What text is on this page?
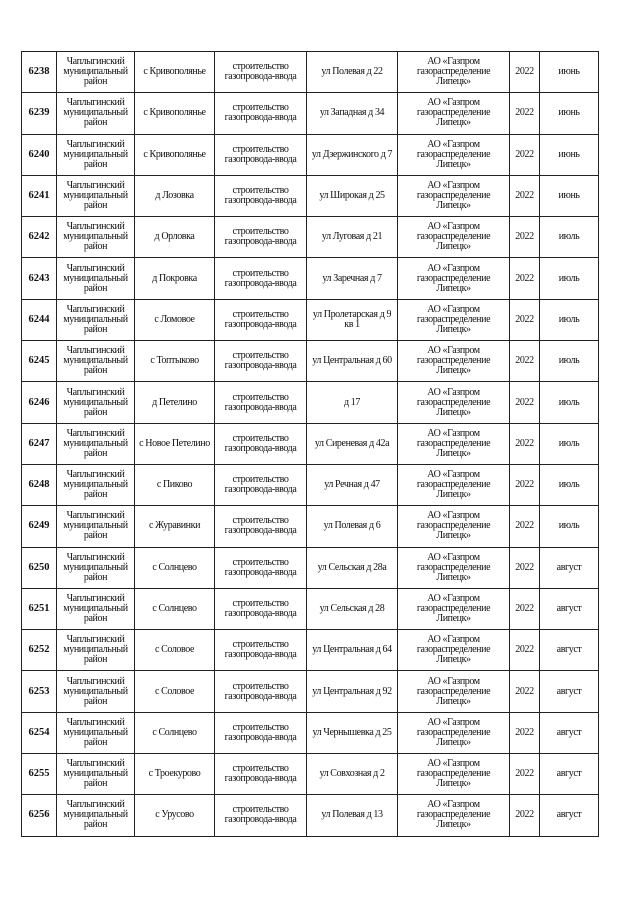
6238	Чаплыгинский муниципальный район	с Кривополянье	строительство газопровода-ввода	ул Полевая д 22	АО «Газпром газораспределение Липецк»	2022	июнь
6239	Чаплыгинский муниципальный район	с Кривополянье	строительство газопровода-ввода	ул Западная д 34	АО «Газпром газораспределение Липецк»	2022	июнь
6240	Чаплыгинский муниципальный район	с Кривополянье	строительство газопровода-ввода	ул Дзержинского д 7	АО «Газпром газораспределение Липецк»	2022	июнь
6241	Чаплыгинский муниципальный район	д Лозовка	строительство газопровода-ввода	ул Широкая д 25	АО «Газпром газораспределение Липецк»	2022	июнь
6242	Чаплыгинский муниципальный район	д Орловка	строительство газопровода-ввода	ул Луговая д 21	АО «Газпром газораспределение Липецк»	2022	июль
6243	Чаплыгинский муниципальный район	д Покровка	строительство газопровода-ввода	ул Заречная д 7	АО «Газпром газораспределение Липецк»	2022	июль
6244	Чаплыгинский муниципальный район	с Ломовое	строительство газопровода-ввода	ул Пролетарская д 9 кв 1	АО «Газпром газораспределение Липецк»	2022	июль
6245	Чаплыгинский муниципальный район	с Топтыково	строительство газопровода-ввода	ул Центральная д 60	АО «Газпром газораспределение Липецк»	2022	июль
6246	Чаплыгинский муниципальный район	д Петелино	строительство газопровода-ввода	д 17	АО «Газпром газораспределение Липецк»	2022	июль
6247	Чаплыгинский муниципальный район	с Новое Петелино	строительство газопровода-ввода	ул Сиреневая д 42а	АО «Газпром газораспределение Липецк»	2022	июль
6248	Чаплыгинский муниципальный район	с Пиково	строительство газопровода-ввода	ул Речная д 47	АО «Газпром газораспределение Липецк»	2022	июль
6249	Чаплыгинский муниципальный район	с Журавинки	строительство газопровода-ввода	ул Полевая д 6	АО «Газпром газораспределение Липецк»	2022	июль
6250	Чаплыгинский муниципальный район	с Солнцево	строительство газопровода-ввода	ул Сельская д 28а	АО «Газпром газораспределение Липецк»	2022	август
6251	Чаплыгинский муниципальный район	с Солнцево	строительство газопровода-ввода	ул Сельская д 28	АО «Газпром газораспределение Липецк»	2022	август
6252	Чаплыгинский муниципальный район	с Соловое	строительство газопровода-ввода	ул Центральная д 64	АО «Газпром газораспределение Липецк»	2022	август
6253	Чаплыгинский муниципальный район	с Соловое	строительство газопровода-ввода	ул Центральная д 92	АО «Газпром газораспределение Липецк»	2022	август
6254	Чаплыгинский муниципальный район	с Солнцево	строительство газопровода-ввода	ул Чернышевка д 25	АО «Газпром газораспределение Липецк»	2022	август
6255	Чаплыгинский муниципальный район	с Троекурово	строительство газопровода-ввода	ул Совхозная д 2	АО «Газпром газораспределение Липецк»	2022	август
6256	Чаплыгинский муниципальный район	с Урусово	строительство газопровода-ввода	ул Полевая д 13	АО «Газпром газораспределение Липецк»	2022	август
